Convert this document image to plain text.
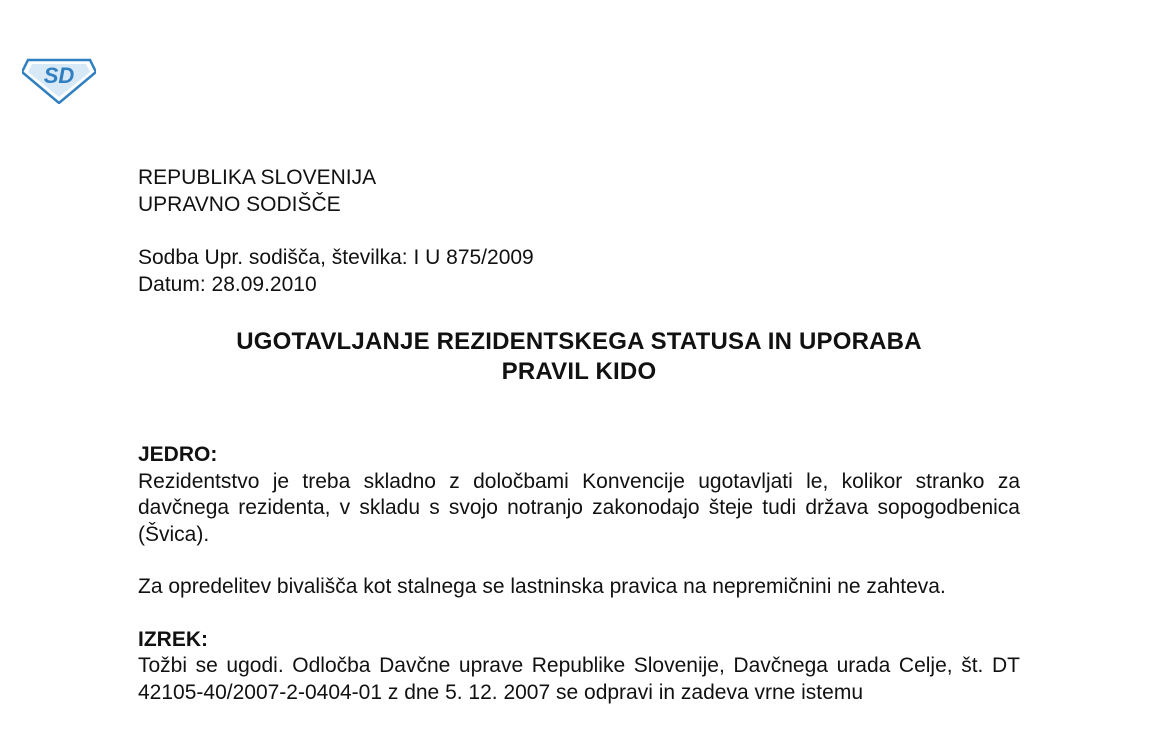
SD
REPUBLIKA SLOVENIJA
UPRAVNO SODIŠČE
Sodba Upr. sodišča, številka: I U 875/2009
Datum: 28.09.2010
UGOTAVLJANJE REZIDENTSKEGA STATUSA IN UPORABA
PRAVIL KIDO
JEDRO:

Rezidentstvo je treba skladno z določbami Konvencije ugotavljati le, kolikor stranko za davčnega rezidenta, v skladu s svojo notranjo zakonodajo šteje tudi država sopogodbenica (Švica).

Za opredelitev bivališča kot stalnega se lastninska pravica na nepremičnini ne zahteva.

IZREK:

Tožbi se ugodi. Odločba Davčne uprave Republike Slovenije, Davčnega urada Celje, št. DT 42105-40/2007-2-0404-01 z dne 5. 12. 2007 se odpravi in zadeva vrne istemu
